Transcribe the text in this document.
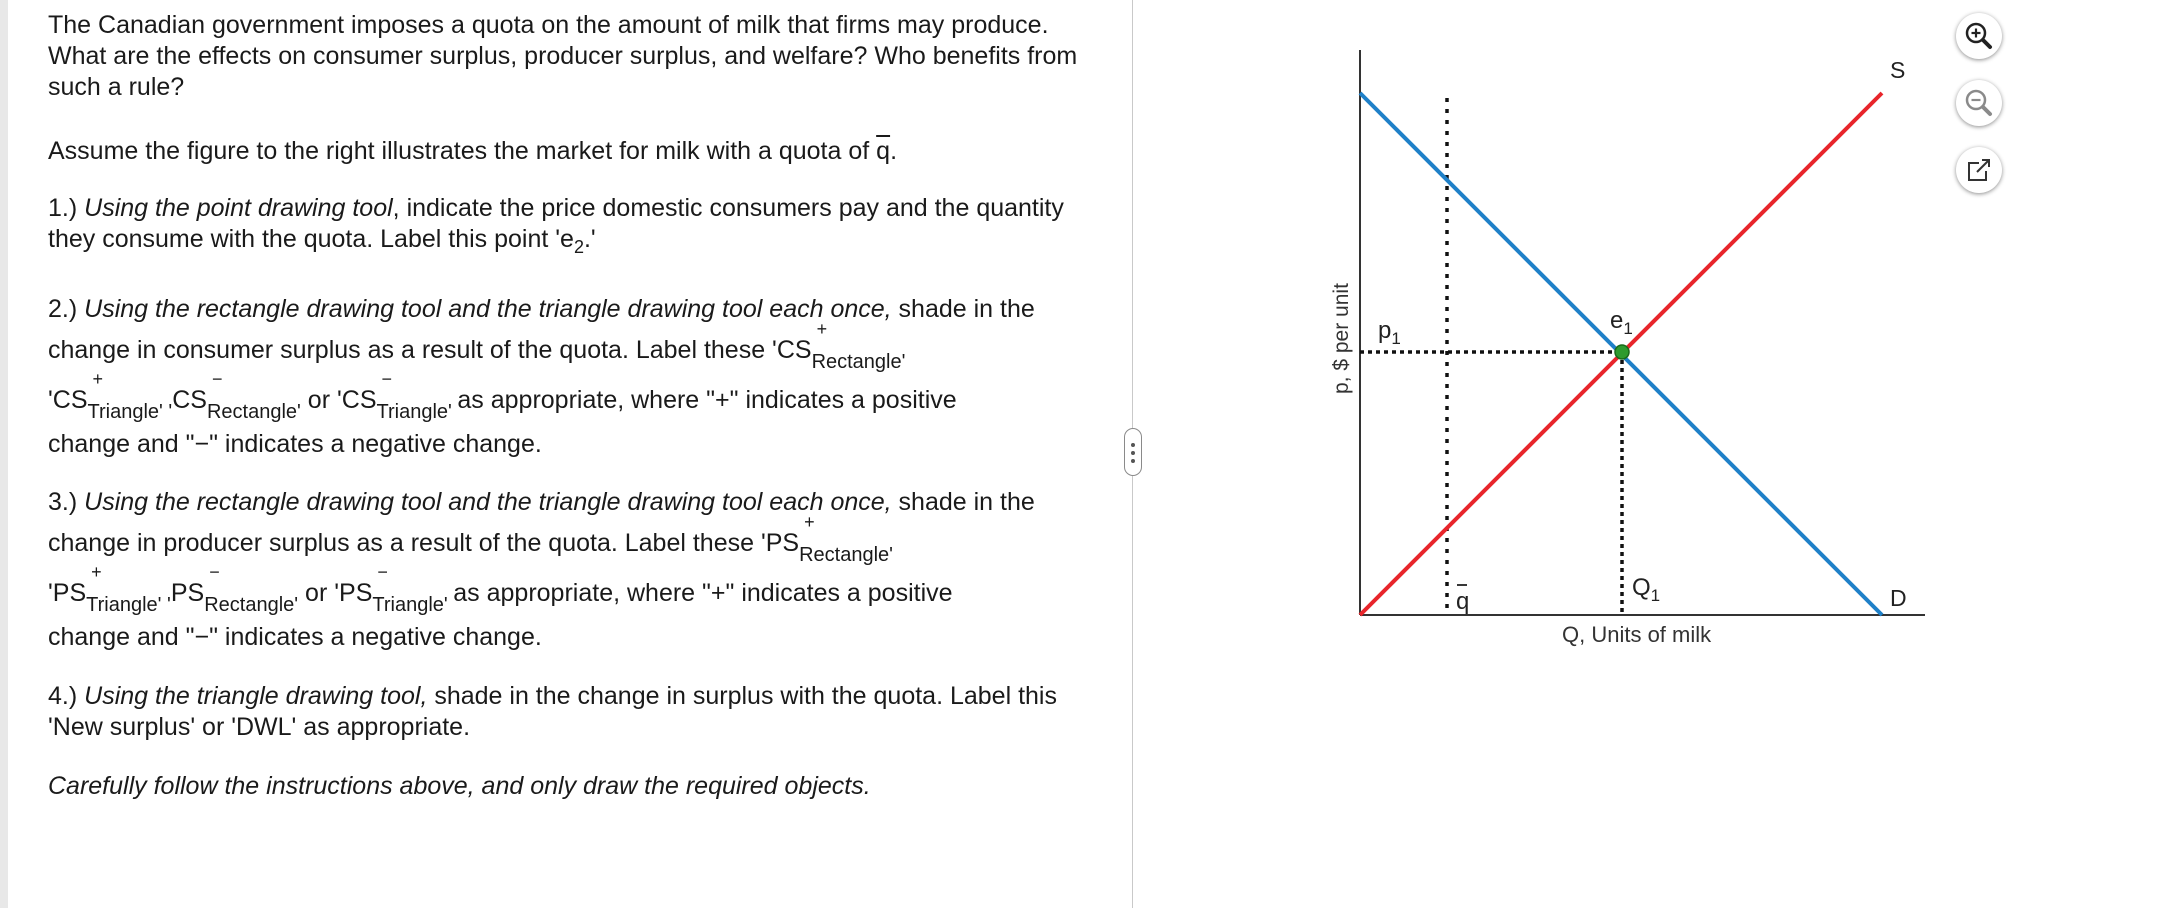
The Canadian government imposes a quota on the amount of milk that firms may produce. What are the effects on consumer surplus, producer surplus, and welfare? Who benefits from such a rule?
Assume the figure to the right illustrates the market for milk with a quota of $\overline{q}$.
1.) Using the point drawing tool, indicate the price domestic consumers pay and the quantity they consume with the quota. Label this point '$e_2$.'
2.) Using the rectangle drawing tool and the triangle drawing tool each once, shade in the
change in consumer surplus as a result of the quota. Label these 'CS
+
$_{Rectangle'}$
'CS
+
$_{Triangle' '}$CS
−
$_{Rectangle'}$ or 'CS
−
$_{Triangle'}$ as appropriate, where "+" indicates a positive
change and "−" indicates a negative change.
3.) Using the rectangle drawing tool and the triangle drawing tool each once, shade in the
change in producer surplus as a result of the quota. Label these 'PS
+
$_{Rectangle'}$
'PS
+
$_{Triangle' '}$PS
−
$_{Rectangle'}$ or 'PS
−
$_{Triangle'}$ as appropriate, where "+" indicates a positive
change and "−" indicates a negative change.
4.) Using the triangle drawing tool, shade in the change in surplus with the quota. Label this 'New surplus' or 'DWL' as appropriate.
Carefully follow the instructions above, and only draw the required objects.
S
D
$p_1$
$e_1$
$Q_1$
q
Q, Units of milk
p, $ per unit
